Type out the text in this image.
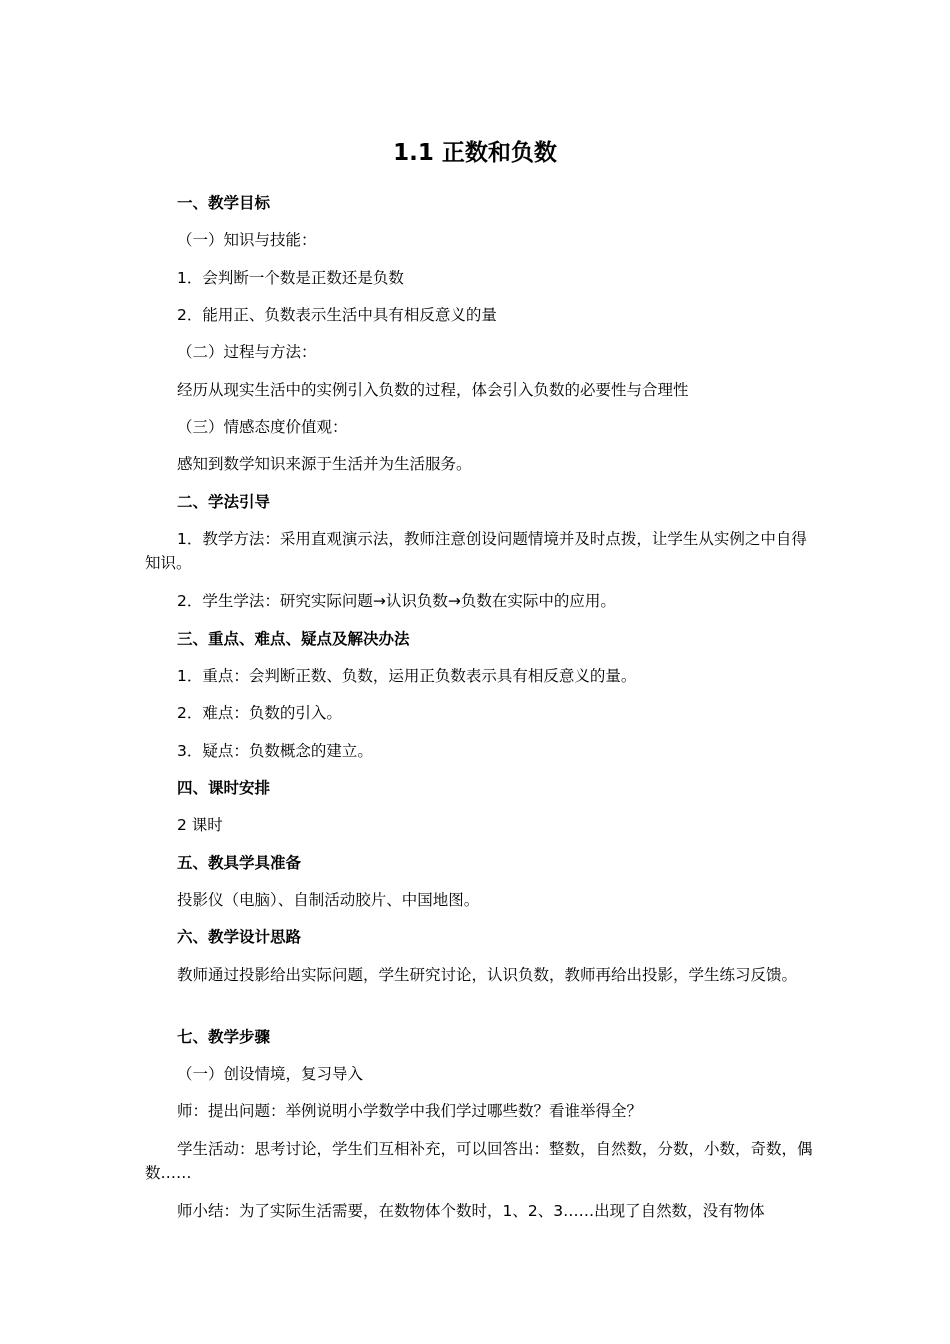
1.1 正数和负数
一、教学目标
（一）知识与技能：
1．会判断一个数是正数还是负数
2．能用正、负数表示生活中具有相反意义的量
（二）过程与方法：
经历从现实生活中的实例引入负数的过程，体会引入负数的必要性与合理性
（三）情感态度价值观：
感知到数学知识来源于生活并为生活服务。
二、学法引导
1．教学方法：采用直观演示法，教师注意创设问题情境并及时点拨，让学生从实例之中自得知识。
2．学生学法：研究实际问题→认识负数→负数在实际中的应用。
三、重点、难点、疑点及解决办法
1．重点：会判断正数、负数，运用正负数表示具有相反意义的量。
2．难点：负数的引入。
3．疑点：负数概念的建立。
四、课时安排
2 课时
五、教具学具准备
投影仪（电脑）、自制活动胶片、中国地图。
六、教学设计思路
教师通过投影给出实际问题，学生研究讨论，认识负数，教师再给出投影，学生练习反馈。
七、教学步骤
（一）创设情境，复习导入
师：提出问题：举例说明小学数学中我们学过哪些数？看谁举得全？
学生活动：思考讨论，学生们互相补充，可以回答出：整数，自然数，分数，小数，奇数，偶数……
师小结：为了实际生活需要，在数物体个数时，1、2、3……出现了自然数，没有物体
